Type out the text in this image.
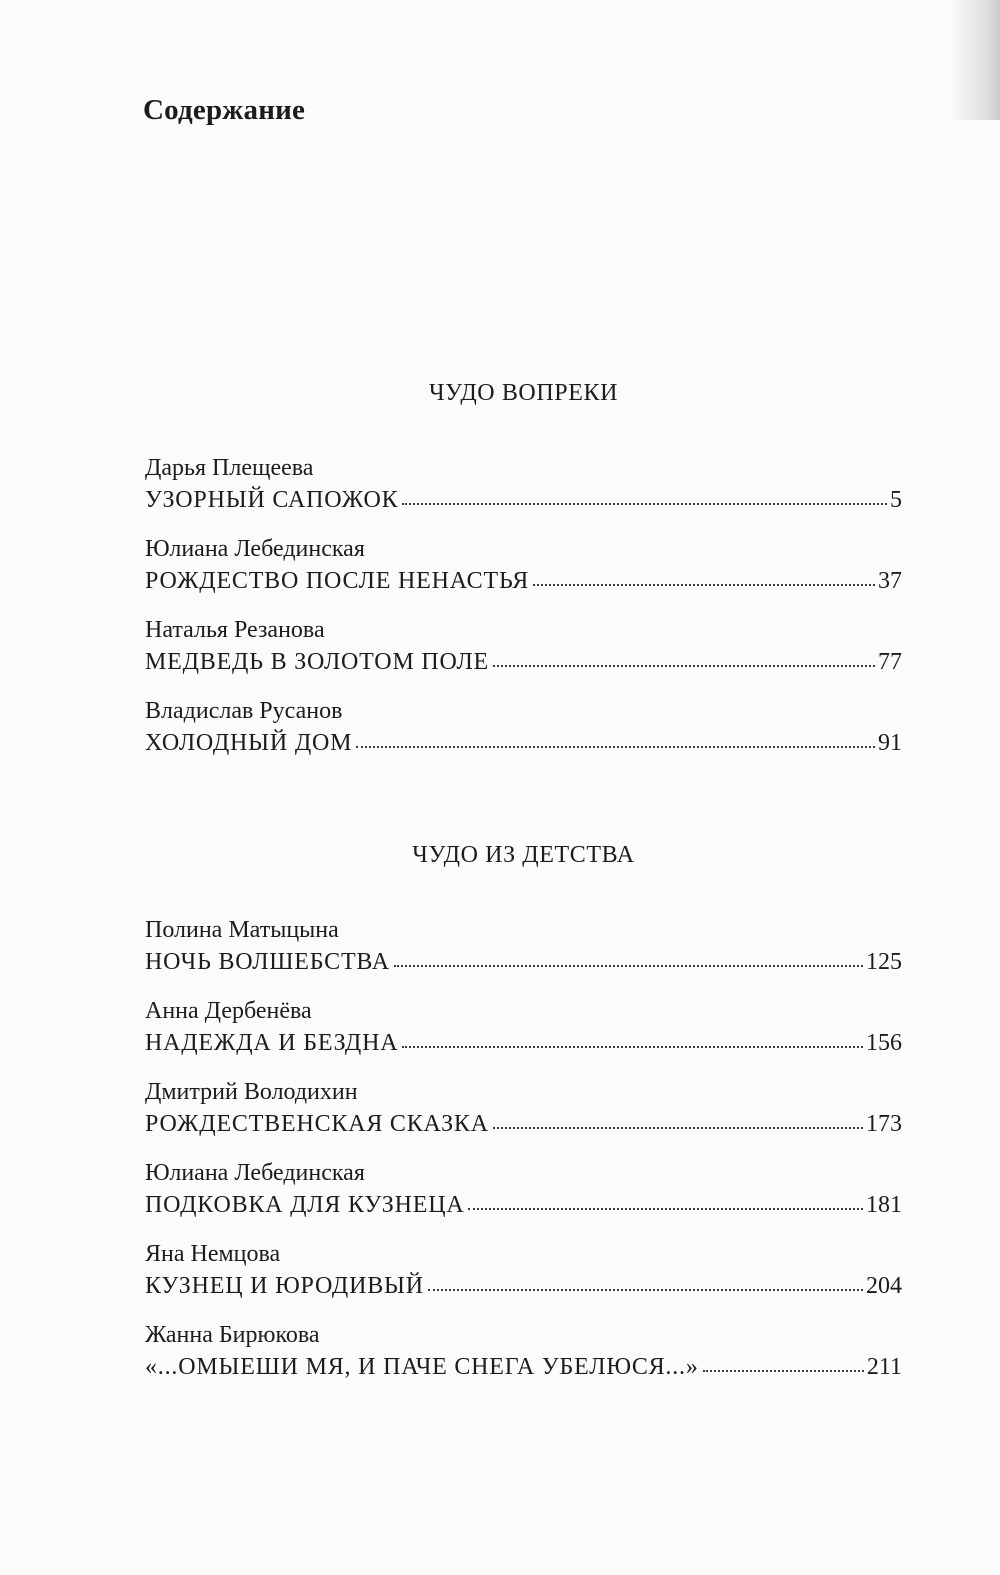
Содержание
ЧУДО ВОПРЕКИ
Дарья Плещеева
УЗОРНЫЙ САПОЖОК	5
Юлиана Лебединская
РОЖДЕСТВО ПОСЛЕ НЕНАСТЬЯ	37
Наталья Резанова
МЕДВЕДЬ В ЗОЛОТОМ ПОЛЕ	77
Владислав Русанов
ХОЛОДНЫЙ ДОМ	91
ЧУДО ИЗ ДЕТСТВА
Полина Матыцына
НОЧЬ ВОЛШЕБСТВА	125
Анна Дербенёва
НАДЕЖДА И БЕЗДНА	156
Дмитрий Володихин
РОЖДЕСТВЕНСКАЯ СКАЗКА	173
Юлиана Лебединская
ПОДКОВКА ДЛЯ КУЗНЕЦА	181
Яна Немцова
КУЗНЕЦ И ЮРОДИВЫЙ	204
Жанна Бирюкова
«...ОМЫЕШИ МЯ, И ПАЧЕ СНЕГА УБЕЛЮСЯ...»	211
